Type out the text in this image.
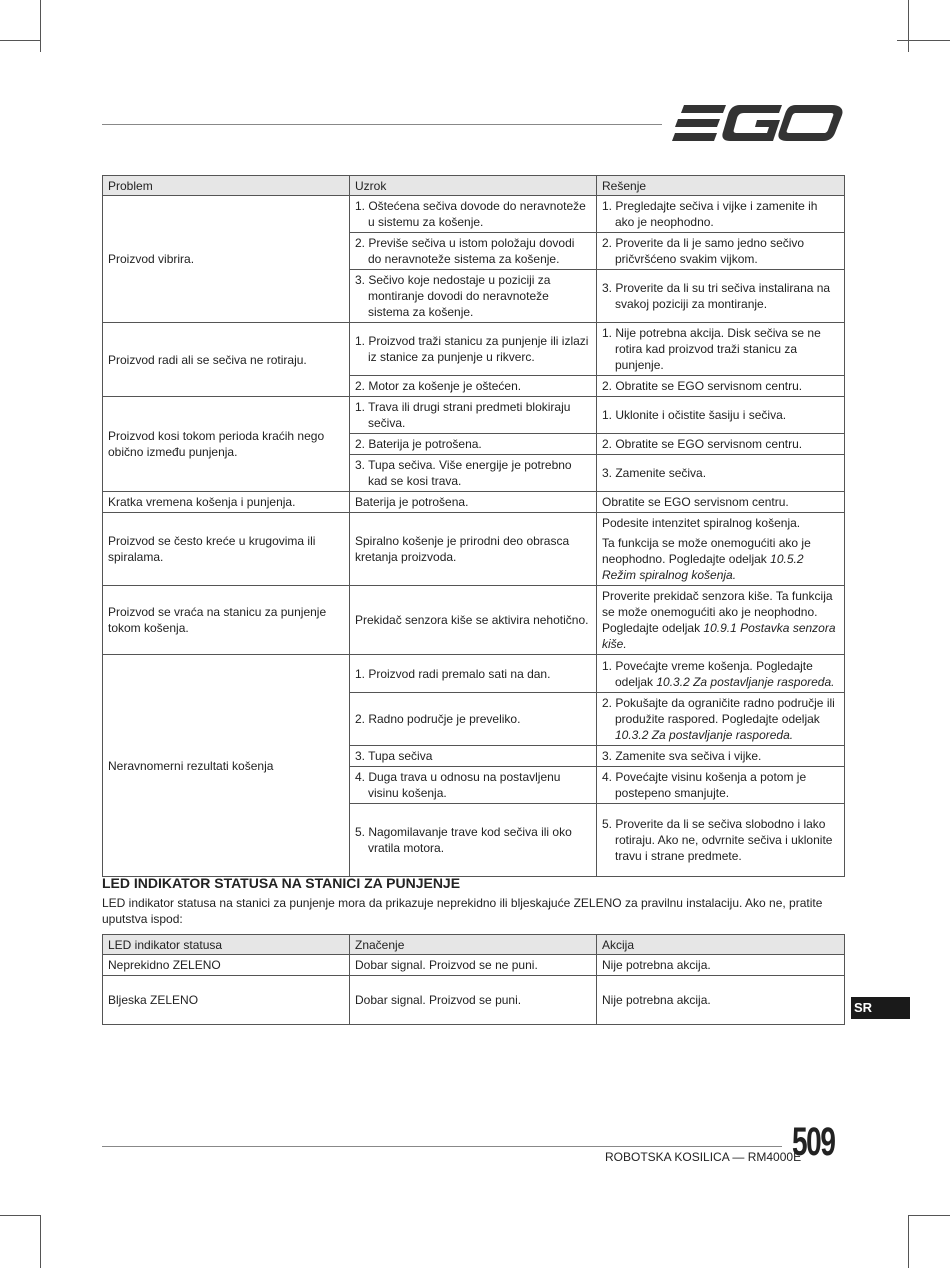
Problem	Uzrok	Rešenje
Proizvod vibrira.	1. Oštećena sečiva dovode do neravnoteže u sistemu za košenje.	1. Pregledajte sečiva i vijke i zamenite ih ako je neophodno.

	2. Previše sečiva u istom položaju dovodi do neravnoteže sistema za košenje.	2. Proverite da li je samo jedno sečivo pričvršćeno svakim vijkom.

	3. Sečivo koje nedostaje u poziciji za montiranje dovodi do neravnoteže sistema za košenje.	3. Proverite da li su tri sečiva instalirana na svakoj poziciji za montiranje.

Proizvod radi ali se sečiva ne rotiraju.	1. Proizvod traži stanicu za punjenje ili izlazi iz stanice za punjenje u rikverc.	1. Nije potrebna akcija. Disk sečiva se ne rotira kad proizvod traži stanicu za punjenje.

	2. Motor za košenje je oštećen.	2. Obratite se EGO servisnom centru.

Proizvod kosi tokom perioda kraćih nego obično između punjenja.	1. Trava ili drugi strani predmeti blokiraju sečiva.	1. Uklonite i očistite šasiju i sečiva.

	2. Baterija je potrošena.	2. Obratite se EGO servisnom centru.

	3. Tupa sečiva. Više energije je potrebno kad se kosi trava.	3. Zamenite sečiva.

Kratka vremena košenja i punjenja.	Baterija je potrošena.	Obratite se EGO servisnom centru.
Proizvod se često kreće u krugovima ili spiralama.	Spiralno košenje je prirodni deo obrasca kretanja proizvoda.	Podesite intenzitet spiralnog košenja.
Ta funkcija se može onemogućiti ako je neophodno. Pogledajte odeljak 10.5.2 Režim spiralnog košenja.

Proizvod se vraća na stanicu za punjenje tokom košenja.	Prekidač senzora kiše se aktivira nehotično.	Proverite prekidač senzora kiše. Ta funkcija se može onemogućiti ako je neophodno. Pogledajte odeljak 10.9.1 Postavka senzora kiše.
Neravnomerni rezultati košenja	1. Proizvod radi premalo sati na dan.	1. Povećajte vreme košenja. Pogledajte odeljak 10.3.2 Za postavljanje rasporeda.

	2. Radno područje je preveliko.	2. Pokušajte da ograničite radno područje ili produžite raspored. Pogledajte odeljak 10.3.2 Za postavljanje rasporeda.

	3. Tupa sečiva	3. Zamenite sva sečiva i vijke.

	4. Duga trava u odnosu na postavljenu visinu košenja.	4. Povećajte visinu košenja a potom je postepeno smanjujte.

	5. Nagomilavanje trave kod sečiva ili oko vratila motora.	5. Proverite da li se sečiva slobodno i lako rotiraju. Ako ne, odvrnite sečiva i uklonite travu i strane predmete.
LED INDIKATOR STATUSA NA STANICI ZA PUNJENJE
LED indikator statusa na stanici za punjenje mora da prikazuje neprekidno ili bljeskajuće ZELENO za pravilnu instalaciju. Ako ne, pratite uputstva ispod:
LED indikator statusa	Značenje	Akcija
Neprekidno ZELENO	Dobar signal. Proizvod se ne puni.	Nije potrebna akcija.
Bljeska ZELENO	Dobar signal. Proizvod se puni.	Nije potrebna akcija.	SR
ROBOTSKA KOSILICA — RM4000E
509
